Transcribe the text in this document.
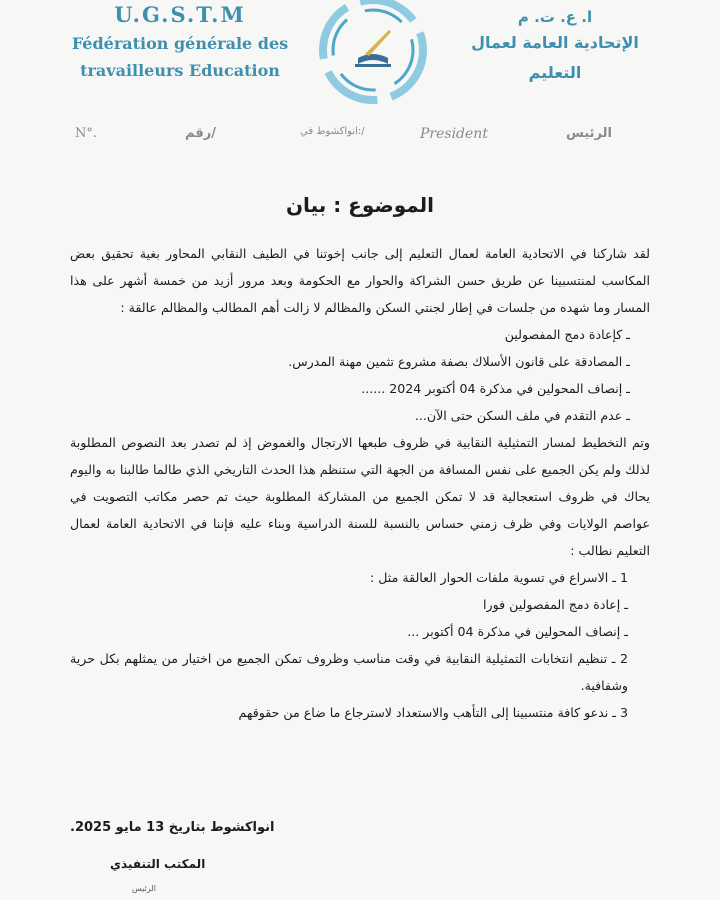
U.G.S.T.M
Fédération générale des
travailleurs Education
ا. ع. ت. م
الإتحادية العامة لعمال
التعليم
N°.	رقم/	انواكشوط في:/	President	الرئيس
الموضوع : بيان

لقد شاركنا في الاتحادية العامة لعمال التعليم إلى جانب إخوتنا في الطيف النقابي المحاور بغية تحقيق بعض المكاسب لمنتسبينا عن طريق حسن الشراكة والحوار مع الحكومة وبعد مرور أزيد من خمسة أشهر على هذا المسار وما شهده من جلسات في إطار لجنتي السكن والمظالم لا زالت أهم المطالب والمظالم عالقة :

ـ كإعادة دمج المفصولين

ـ المصادقة على قانون الأسلاك بصفة مشروع تثمين مهنة المدرس.

ـ إنصاف المحولين في مذكرة 04 أكتوبر 2024 ......

ـ عدم التقدم في ملف السكن حتى الآن...

وتم التخطيط لمسار التمثيلية النقابية في ظروف طبعها الارتجال والغموض إذ لم تصدر بعد النصوص المطلوبة لذلك ولم يكن الجميع على نفس المسافة من الجهة التي ستنظم هذا الحدث التاريخي الذي طالما طالبنا به واليوم يحاك في ظروف استعجالية قد لا تمكن الجميع من المشاركة المطلوبة حيث تم حصر مكاتب التصويت في عواصم الولايات وفي ظرف زمني حساس بالنسبة للسنة الدراسية وبناء عليه فإننا في الاتحادية العامة لعمال التعليم نطالب :

1 ـ الاسراع في تسوية ملفات الحوار العالقة مثل :

ـ إعادة دمج المفصولين فورا

ـ إنصاف المحولين في مذكرة 04 أكتوبر ...

2 ـ تنظيم انتخابات التمثيلية النقابية في وقت مناسب وظروف تمكن الجميع من اختيار من يمثلهم بكل حرية وشفافية.

3 ـ ندعو كافة منتسبينا إلى التأهب والاستعداد لاسترجاع ما ضاع من حقوقهم

انواكشوط بتاريخ 13 مايو 2025.
المكتب التنفيذي
الرئيس
